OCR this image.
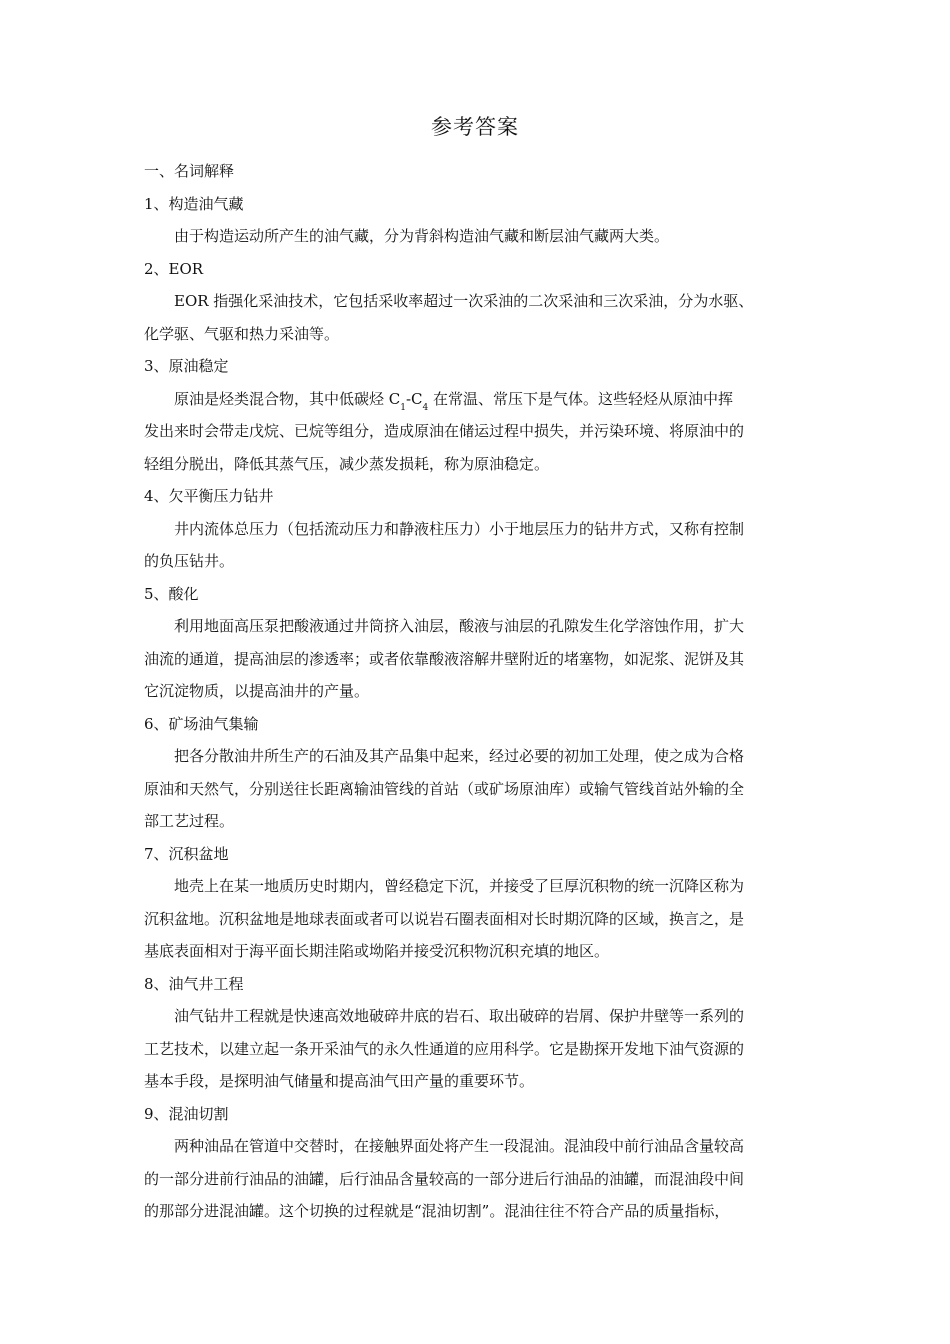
参考答案
一、名词解释
1、构造油气藏
由于构造运动所产生的油气藏，分为背斜构造油气藏和断层油气藏两大类。
2、EOR
EOR 指强化采油技术，它包括采收率超过一次采油的二次采油和三次采油，分为水驱、
化学驱、气驱和热力采油等。
3、原油稳定
原油是烃类混合物，其中低碳烃 $C_1-C_4$ 在常温、常压下是气体。这些轻烃从原油中挥
发出来时会带走戊烷、已烷等组分，造成原油在储运过程中损失，并污染环境、将原油中的
轻组分脱出，降低其蒸气压，减少蒸发损耗，称为原油稳定。
4、欠平衡压力钻井
井内流体总压力（包括流动压力和静液柱压力）小于地层压力的钻井方式，又称有控制
的负压钻井。
5、酸化
利用地面高压泵把酸液通过井筒挤入油层，酸液与油层的孔隙发生化学溶蚀作用，扩大
油流的通道，提高油层的渗透率；或者依靠酸液溶解井壁附近的堵塞物，如泥浆、泥饼及其
它沉淀物质，以提高油井的产量。
6、矿场油气集输
把各分散油井所生产的石油及其产品集中起来，经过必要的初加工处理，使之成为合格
原油和天然气，分别送往长距离输油管线的首站（或矿场原油库）或输气管线首站外输的全
部工艺过程。
7、沉积盆地
地壳上在某一地质历史时期内，曾经稳定下沉，并接受了巨厚沉积物的统一沉降区称为
沉积盆地。沉积盆地是地球表面或者可以说岩石圈表面相对长时期沉降的区域，换言之，是
基底表面相对于海平面长期洼陷或坳陷并接受沉积物沉积充填的地区。
8、油气井工程
油气钻井工程就是快速高效地破碎井底的岩石、取出破碎的岩屑、保护井壁等一系列的
工艺技术，以建立起一条开采油气的永久性通道的应用科学。它是勘探开发地下油气资源的
基本手段，是探明油气储量和提高油气田产量的重要环节。
9、混油切割
两种油品在管道中交替时，在接触界面处将产生一段混油。混油段中前行油品含量较高
的一部分进前行油品的油罐，后行油品含量较高的一部分进后行油品的油罐，而混油段中间
的那部分进混油罐。这个切换的过程就是“混油切割”。混油往往不符合产品的质量指标，
